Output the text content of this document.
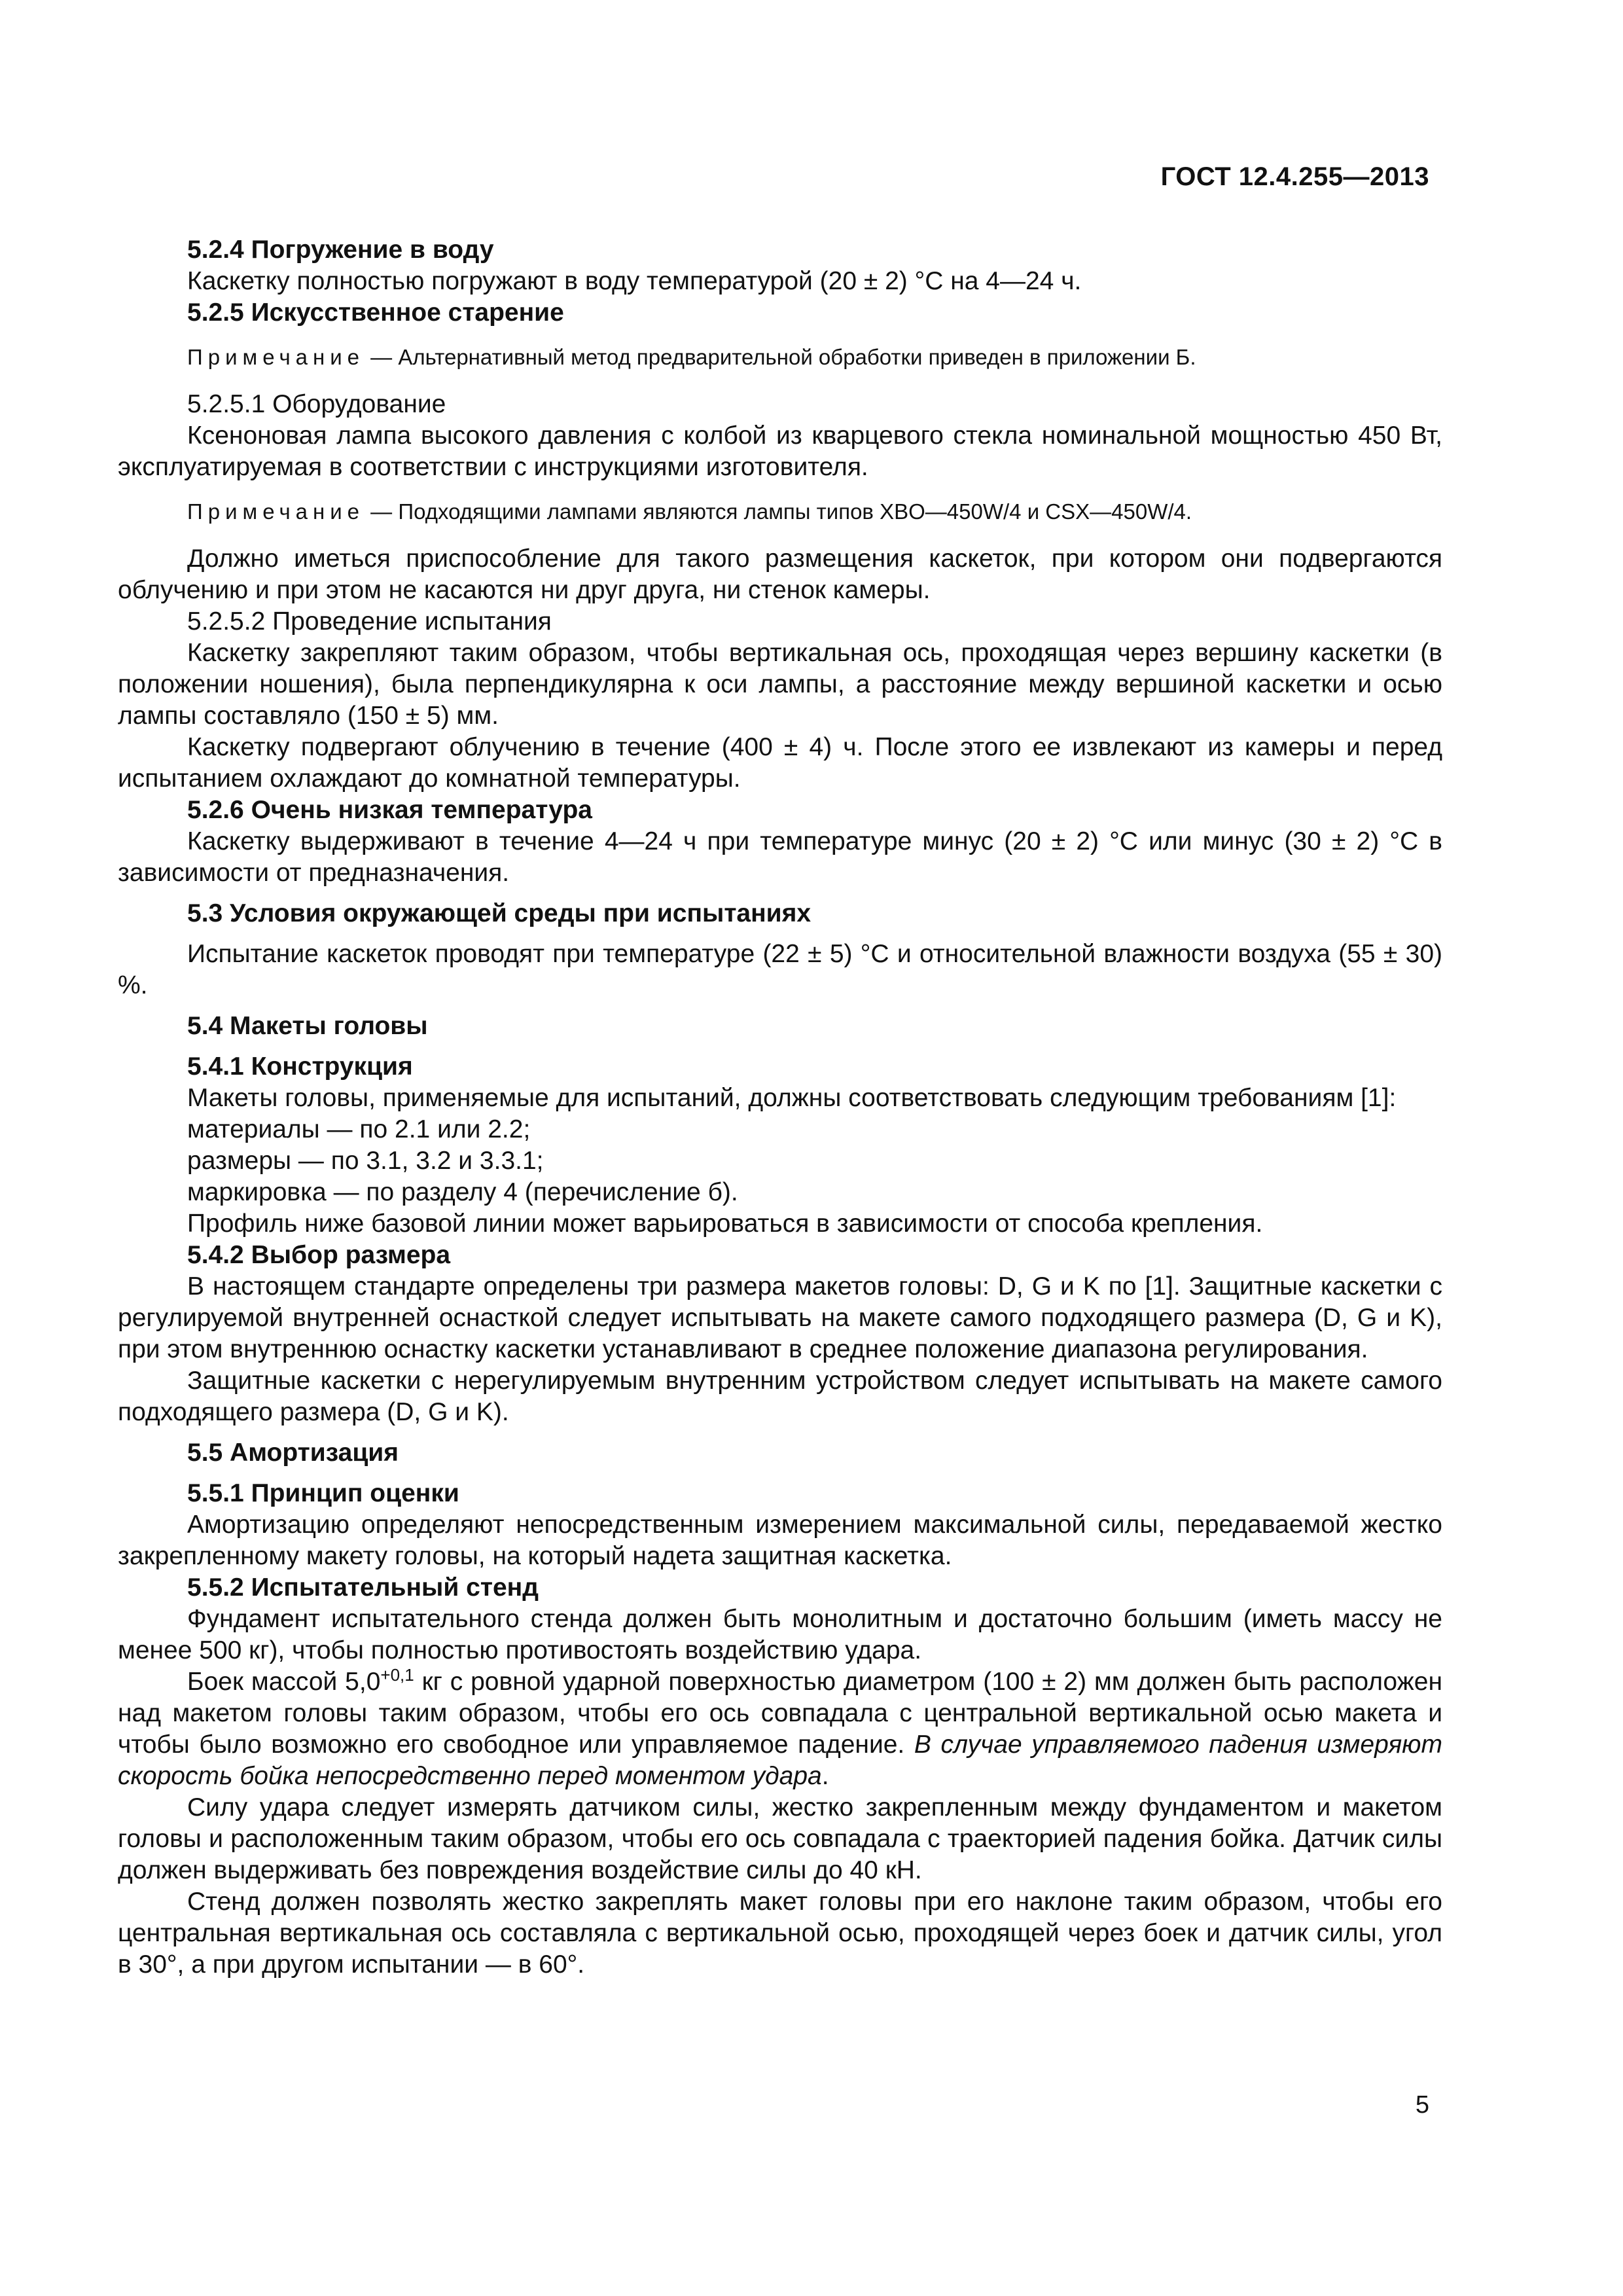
ГОСТ 12.4.255—2013

5.2.4 Погружение в воду

Каскетку полностью погружают в воду температурой (20 ± 2) °С на 4—24 ч.

5.2.5 Искусственное старение

Примечание — Альтернативный метод предварительной обработки приведен в приложении Б.

5.2.5.1 Оборудование

Ксеноновая лампа высокого давления с колбой из кварцевого стекла номинальной мощностью 450 Вт, эксплуатируемая в соответствии с инструкциями изготовителя.

Примечание — Подходящими лампами являются лампы типов XBO—450W/4 и CSX—450W/4.

Должно иметься приспособление для такого размещения каскеток, при котором они подвергаются облучению и при этом не касаются ни друг друга, ни стенок камеры.

5.2.5.2 Проведение испытания

Каскетку закрепляют таким образом, чтобы вертикальная ось, проходящая через вершину каскетки (в положении ношения), была перпендикулярна к оси лампы, а расстояние между вершиной каскетки и осью лампы составляло (150 ± 5) мм.

Каскетку подвергают облучению в течение (400 ± 4) ч. После этого ее извлекают из камеры и перед испытанием охлаждают до комнатной температуры.

5.2.6 Очень низкая температура

Каскетку выдерживают в течение 4—24 ч при температуре минус (20 ± 2) °С или минус (30 ± 2) °С в зависимости от предназначения.

5.3 Условия окружающей среды при испытаниях

Испытание каскеток проводят при температуре (22 ± 5) °С и относительной влажности воздуха (55 ± 30) %.

5.4 Макеты головы

5.4.1 Конструкция

Макеты головы, применяемые для испытаний, должны соответствовать следующим требованиям [1]:

материалы — по 2.1 или 2.2;

размеры — по 3.1, 3.2 и 3.3.1;

маркировка — по разделу 4 (перечисление б).

Профиль ниже базовой линии может варьироваться в зависимости от способа крепления.

5.4.2 Выбор размера

В настоящем стандарте определены три размера макетов головы: D, G и K по [1]. Защитные каскетки с регулируемой внутренней оснасткой следует испытывать на макете самого подходящего размера (D, G и K), при этом внутреннюю оснастку каскетки устанавливают в среднее положение диапазона регулирования.

Защитные каскетки с нерегулируемым внутренним устройством следует испытывать на макете самого подходящего размера (D, G и K).

5.5 Амортизация

5.5.1 Принцип оценки

Амортизацию определяют непосредственным измерением максимальной силы, передаваемой жестко закрепленному макету головы, на который надета защитная каскетка.

5.5.2 Испытательный стенд

Фундамент испытательного стенда должен быть монолитным и достаточно большим (иметь массу не менее 500 кг), чтобы полностью противостоять воздействию удара.

Боек массой $5,0^{+0,1}$ кг с ровной ударной поверхностью диаметром (100 ± 2) мм должен быть расположен над макетом головы таким образом, чтобы его ось совпадала с центральной вертикальной осью макета и чтобы было возможно его свободное или управляемое падение. В случае управляемого падения измеряют скорость бойка непосредственно перед моментом удара.

Силу удара следует измерять датчиком силы, жестко закрепленным между фундаментом и макетом головы и расположенным таким образом, чтобы его ось совпадала с траекторией падения бойка. Датчик силы должен выдерживать без повреждения воздействие силы до 40 кН.

Стенд должен позволять жестко закреплять макет головы при его наклоне таким образом, чтобы его центральная вертикальная ось составляла с вертикальной осью, проходящей через боек и датчик силы, угол в 30°, а при другом испытании — в 60°.

5
